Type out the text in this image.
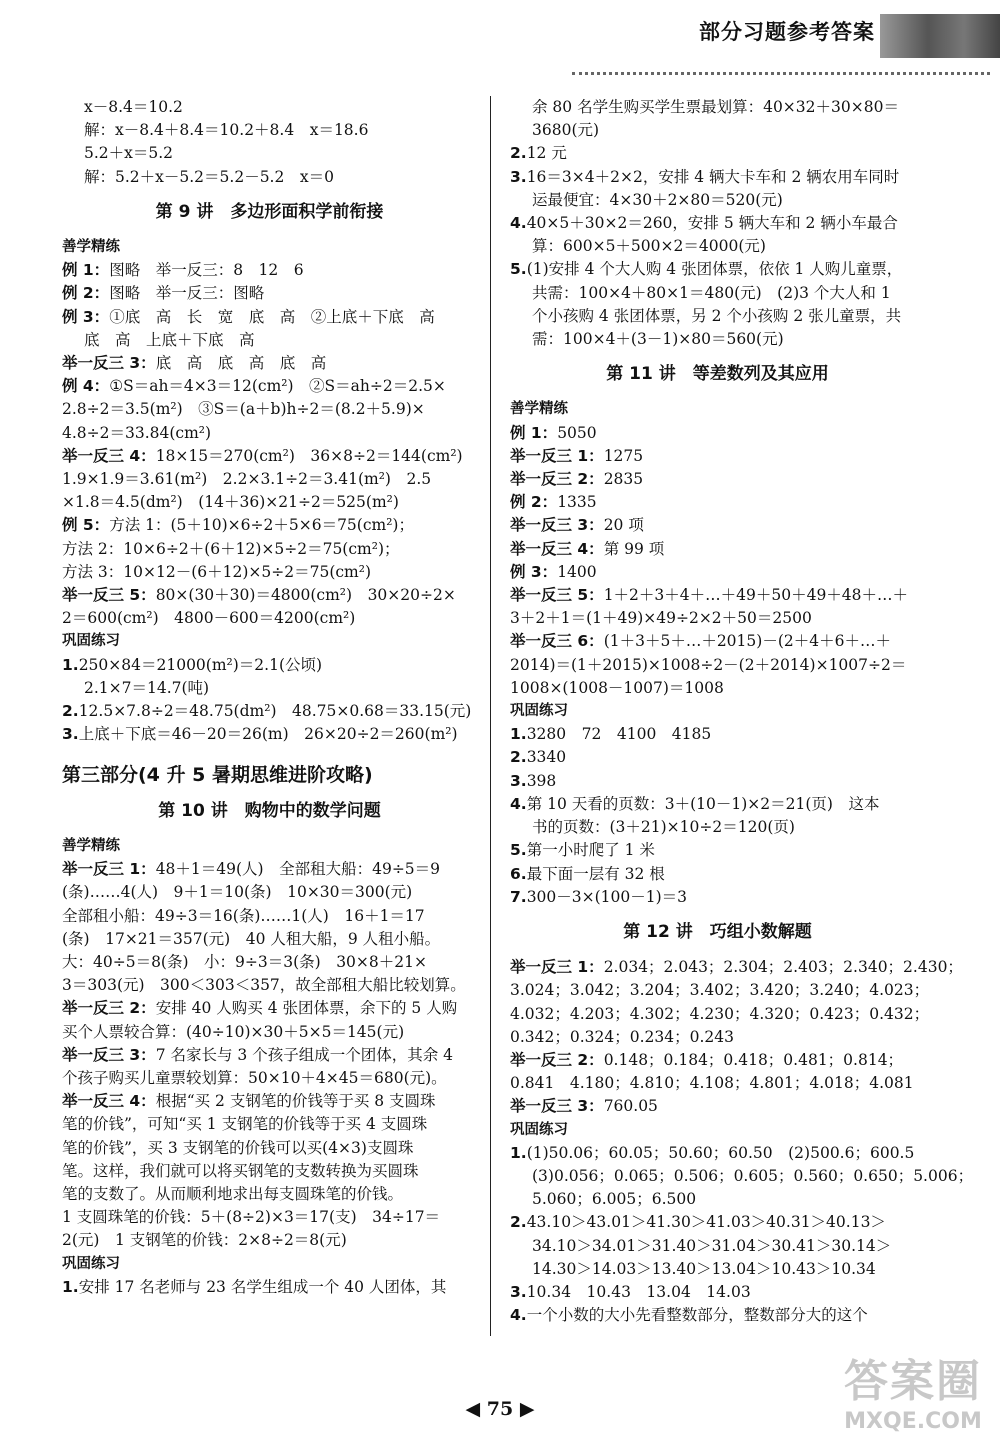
部分习题参考答案
x－8.4＝10.2
解：x－8.4＋8.4＝10.2＋8.4　x＝18.6
5.2＋x＝5.2
解：5.2＋x－5.2＝5.2－5.2　x＝0
第 9 讲　多边形面积学前衔接
善学精练
例 1：图略　举一反三：8　12　6
例 2：图略　举一反三：图略
例 3：①底　高　长　宽　底　高　②上底＋下底　高
底　高　上底＋下底　高
举一反三 3：底　高　底　高　底　高
例 4：①S＝ah＝4×3＝12(cm²)　②S＝ah÷2＝2.5×
2.8÷2＝3.5(m²)　③S＝(a＋b)h÷2＝(8.2＋5.9)×
4.8÷2＝33.84(cm²)
举一反三 4：18×15＝270(cm²)　36×8÷2＝144(cm²)
1.9×1.9＝3.61(m²)　2.2×3.1÷2＝3.41(m²)　2.5
×1.8＝4.5(dm²)　(14＋36)×21÷2＝525(m²)
例 5：方法 1：(5＋10)×6÷2＋5×6＝75(cm²)；
方法 2：10×6÷2＋(6＋12)×5÷2＝75(cm²)；
方法 3：10×12－(6＋12)×5÷2＝75(cm²)
举一反三 5：80×(30＋30)＝4800(cm²)　30×20÷2×
2＝600(cm²)　4800－600＝4200(cm²)
巩固练习
1.250×84＝21000(m²)＝2.1(公顷)
2.1×7＝14.7(吨)
2.12.5×7.8÷2＝48.75(dm²)　48.75×0.68＝33.15(元)
3.上底＋下底＝46－20＝26(m)　26×20÷2＝260(m²)
第三部分(4 升 5 暑期思维进阶攻略)
第 10 讲　购物中的数学问题
善学精练
举一反三 1：48＋1＝49(人)　全部租大船：49÷5＝9
(条)……4(人)　9＋1＝10(条)　10×30＝300(元)
全部租小船：49÷3＝16(条)……1(人)　16＋1＝17
(条)　17×21＝357(元)　40 人租大船，9 人租小船。
大：40÷5＝8(条)　小：9÷3＝3(条)　30×8＋21×
3＝303(元)　300＜303＜357，故全部租大船比较划算。
举一反三 2：安排 40 人购买 4 张团体票，余下的 5 人购
买个人票较合算：(40÷10)×30＋5×5＝145(元)
举一反三 3：7 名家长与 3 个孩子组成一个团体，其余 4
个孩子购买儿童票较划算：50×10＋4×45＝680(元)。
举一反三 4：根据“买 2 支钢笔的价钱等于买 8 支圆珠
笔的价钱”，可知“买 1 支钢笔的价钱等于买 4 支圆珠
笔的价钱”，买 3 支钢笔的价钱可以买(4×3)支圆珠
笔。这样，我们就可以将买钢笔的支数转换为买圆珠
笔的支数了。从而顺利地求出每支圆珠笔的价钱。
1 支圆珠笔的价钱：5＋(8÷2)×3＝17(支)　34÷17＝
2(元)　1 支钢笔的价钱：2×8÷2＝8(元)
巩固练习
1.安排 17 名老师与 23 名学生组成一个 40 人团体，其
余 80 名学生购买学生票最划算：40×32＋30×80＝
3680(元)
2.12 元
3.16＝3×4＋2×2，安排 4 辆大卡车和 2 辆农用车同时
运最便宜：4×30＋2×80＝520(元)
4.40×5＋30×2＝260，安排 5 辆大车和 2 辆小车最合
算：600×5＋500×2＝4000(元)
5.(1)安排 4 个大人购 4 张团体票，依依 1 人购儿童票，
共需：100×4＋80×1＝480(元)　(2)3 个大人和 1
个小孩购 4 张团体票，另 2 个小孩购 2 张儿童票，共
需：100×4＋(3－1)×80＝560(元)
第 11 讲　等差数列及其应用
善学精练
例 1：5050
举一反三 1：1275
举一反三 2：2835
例 2：1335
举一反三 3：20 项
举一反三 4：第 99 项
例 3：1400
举一反三 5：1＋2＋3＋4＋…＋49＋50＋49＋48＋…＋
3＋2＋1＝(1＋49)×49÷2×2＋50＝2500
举一反三 6：(1＋3＋5＋…＋2015)－(2＋4＋6＋…＋
2014)＝(1＋2015)×1008÷2－(2＋2014)×1007÷2＝
1008×(1008－1007)＝1008
巩固练习
1.3280　72　4100　4185
2.3340
3.398
4.第 10 天看的页数：3＋(10－1)×2＝21(页)　这本
书的页数：(3＋21)×10÷2＝120(页)
5.第一小时爬了 1 米
6.最下面一层有 32 根
7.300－3×(100－1)＝3
第 12 讲　巧组小数解题
举一反三 1：2.034；2.043；2.304；2.403；2.340；2.430；
3.024；3.042；3.204；3.402；3.420；3.240；4.023；
4.032；4.203；4.302；4.230；4.320；0.423；0.432；
0.342；0.324；0.234；0.243
举一反三 2：0.148；0.184；0.418；0.481；0.814；
0.841　4.180；4.810；4.108；4.801；4.018；4.081
举一反三 3：760.05
巩固练习
1.(1)50.06；60.05；50.60；60.50　(2)500.6；600.5
(3)0.056；0.065；0.506；0.605；0.560；0.650；5.006；
5.060；6.005；6.500
2.43.10＞43.01＞41.30＞41.03＞40.31＞40.13＞
34.10＞34.01＞31.40＞31.04＞30.41＞30.14＞
14.30＞14.03＞13.40＞13.04＞10.43＞10.34
3.10.34　10.43　13.04　14.03
4.一个小数的大小先看整数部分，整数部分大的这个
◀ 75 ▶
答案圈
MXQE.COM
